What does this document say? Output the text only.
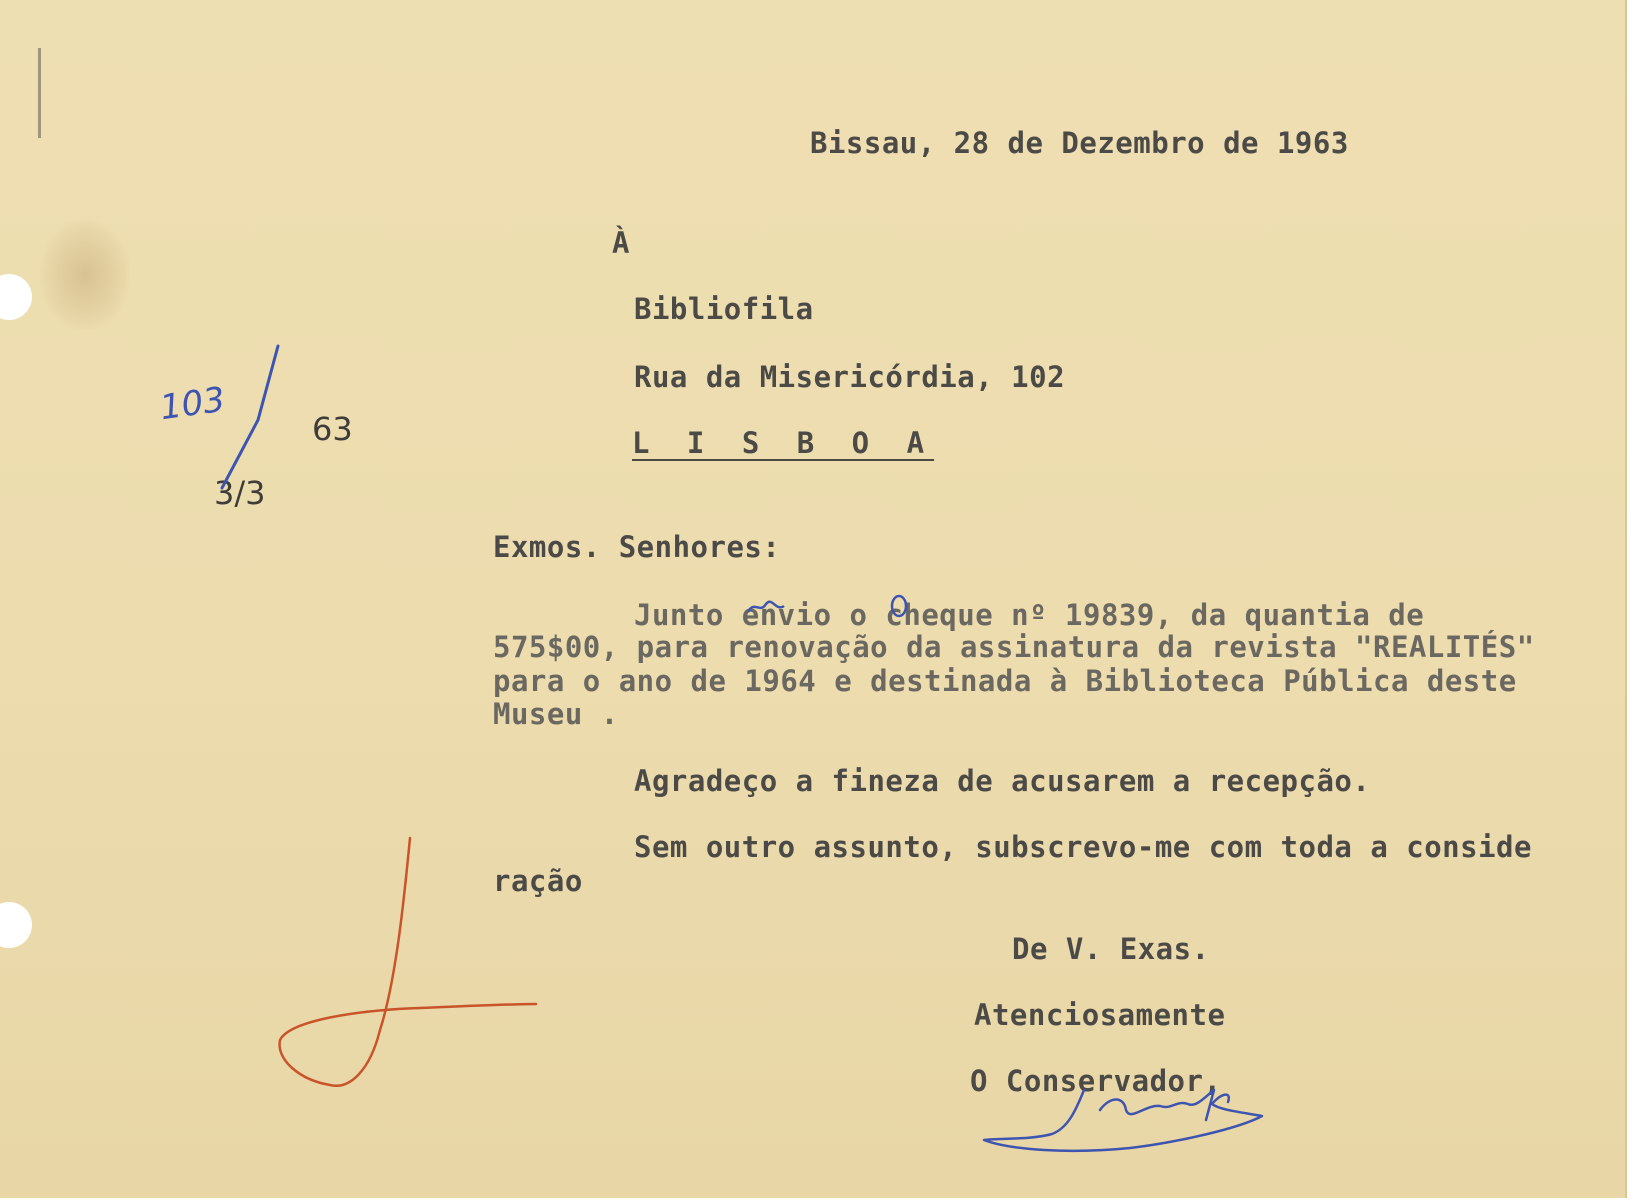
Bissau, 28 de Dezembro de 1963
À
Bibliofila
Rua da Misericórdia, 102
L I S B O A
Exmos. Senhores:
Junto envio o cheque nº 19839, da quantia de
575$00, para renovação da assinatura da revista "REALITÉS"
para o ano de 1964 e destinada à Biblioteca Pública deste
Museu .
Agradeço a fineza de acusarem a recepção.
Sem outro assunto, subscrevo-me com toda a conside
ração
De V. Exas.
Atenciosamente
O Conservador,
103
63
3/3
